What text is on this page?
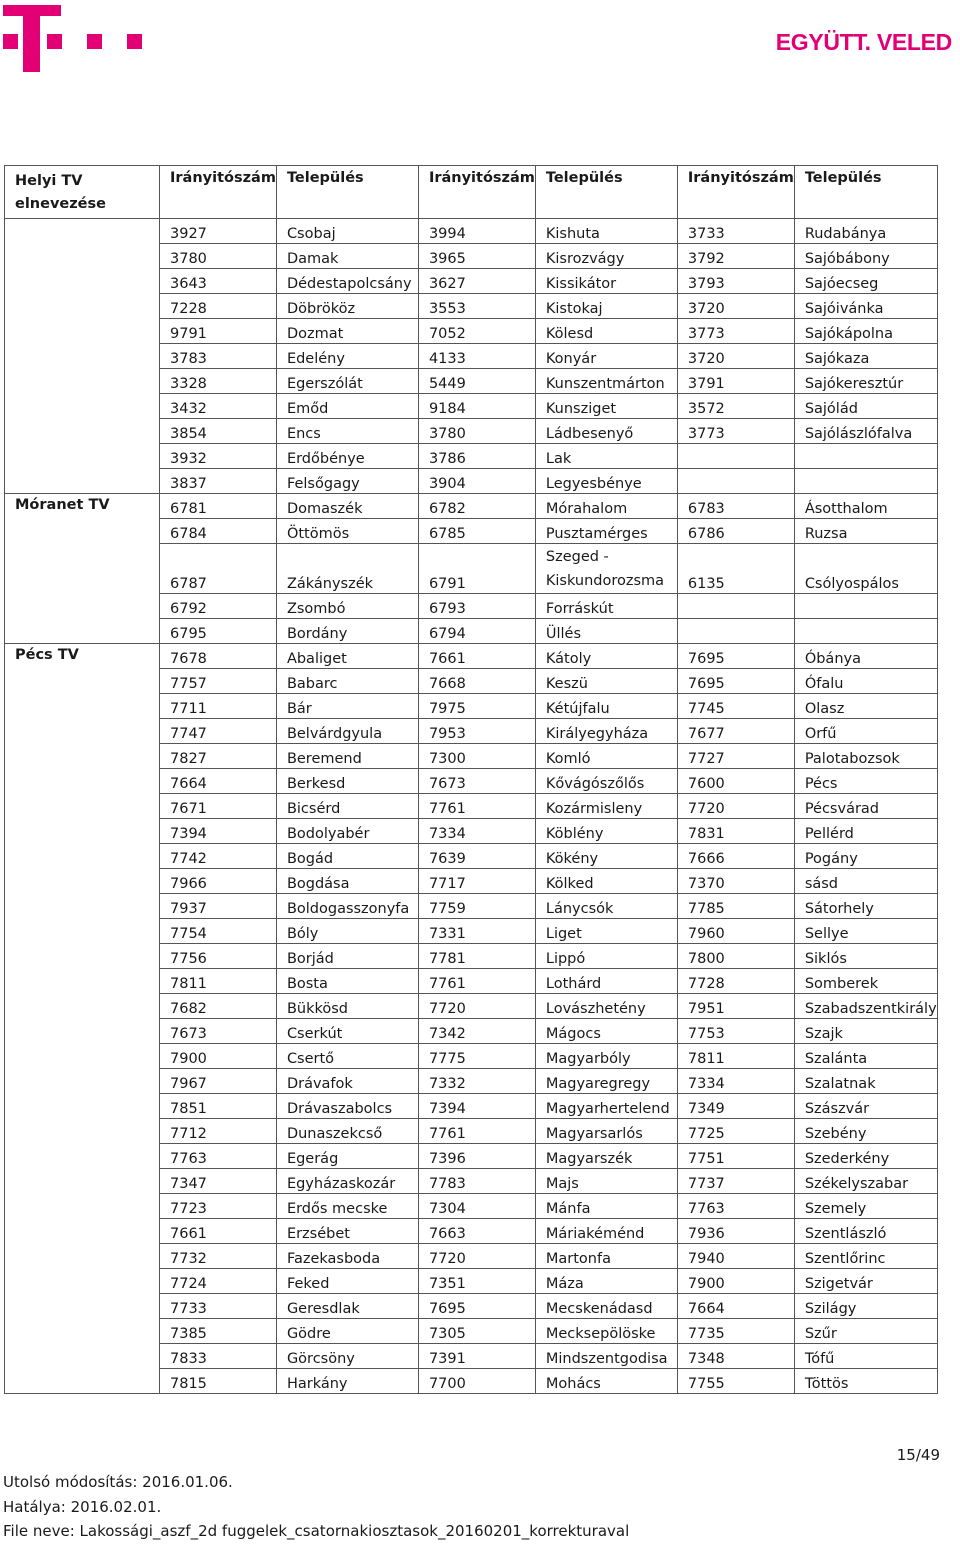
EGYÜTT. VELED
Helyi TV elnevezése	Irányitószám	Település	Irányitószám	Település	Irányitószám	Település
	3927	Csobaj	3994	Kishuta	3733	Rudabánya
	3780	Damak	3965	Kisrozvágy	3792	Sajóbábony
	3643	Dédestapolcsány	3627	Kissikátor	3793	Sajóecseg
	7228	Döbrököz	3553	Kistokaj	3720	Sajóivánka
	9791	Dozmat	7052	Kölesd	3773	Sajókápolna
	3783	Edelény	4133	Konyár	3720	Sajókaza
	3328	Egerszólát	5449	Kunszentmárton	3791	Sajókeresztúr
	3432	Emőd	9184	Kunsziget	3572	Sajólád
	3854	Encs	3780	Ládbesenyő	3773	Sajólászlófalva
	3932	Erdőbénye	3786	Lak		
	3837	Felsőgagy	3904	Legyesbénye		
Móranet TV	6781	Domaszék	6782	Mórahalom	6783	Ásotthalom
	6784	Öttömös	6785	Pusztamérges	6786	Ruzsa
	6787	Zákányszék	6791	Szeged - Kiskundorozsma	6135	Csólyospálos
	6792	Zsombó	6793	Forráskút		
	6795	Bordány	6794	Üllés		
Pécs TV	7678	Abaliget	7661	Kátoly	7695	Óbánya
	7757	Babarc	7668	Keszü	7695	Ófalu
	7711	Bár	7975	Kétújfalu	7745	Olasz
	7747	Belvárdgyula	7953	Királyegyháza	7677	Orfű
	7827	Beremend	7300	Komló	7727	Palotabozsok
	7664	Berkesd	7673	Kővágószőlős	7600	Pécs
	7671	Bicsérd	7761	Kozármisleny	7720	Pécsvárad
	7394	Bodolyabér	7334	Köblény	7831	Pellérd
	7742	Bogád	7639	Kökény	7666	Pogány
	7966	Bogdása	7717	Kölked	7370	sásd
	7937	Boldogasszonyfa	7759	Lánycsók	7785	Sátorhely
	7754	Bóly	7331	Liget	7960	Sellye
	7756	Borjád	7781	Lippó	7800	Siklós
	7811	Bosta	7761	Lothárd	7728	Somberek
	7682	Bükkösd	7720	Lovászhetény	7951	Szabadszentkirály
	7673	Cserkút	7342	Mágocs	7753	Szajk
	7900	Csertő	7775	Magyarbóly	7811	Szalánta
	7967	Drávafok	7332	Magyaregregy	7334	Szalatnak
	7851	Drávaszabolcs	7394	Magyarhertelend	7349	Szászvár
	7712	Dunaszekcső	7761	Magyarsarlós	7725	Szebény
	7763	Egerág	7396	Magyarszék	7751	Szederkény
	7347	Egyházaskozár	7783	Majs	7737	Székelyszabar
	7723	Erdős mecske	7304	Mánfa	7763	Szemely
	7661	Erzsébet	7663	Máriakéménd	7936	Szentlászló
	7732	Fazekasboda	7720	Martonfa	7940	Szentlőrinc
	7724	Feked	7351	Máza	7900	Szigetvár
	7733	Geresdlak	7695	Mecskenádasd	7664	Szilágy
	7385	Gödre	7305	Mecksepölöske	7735	Szűr
	7833	Görcsöny	7391	Mindszentgodisa	7348	Tófű
	7815	Harkány	7700	Mohács	7755	Töttös
Utolsó módosítás: 2016.01.06.
Hatálya: 2016.02.01.
File neve: Lakossági_aszf_2d fuggelek_csatornakiosztasok_20160201_korrekturaval
15/49
